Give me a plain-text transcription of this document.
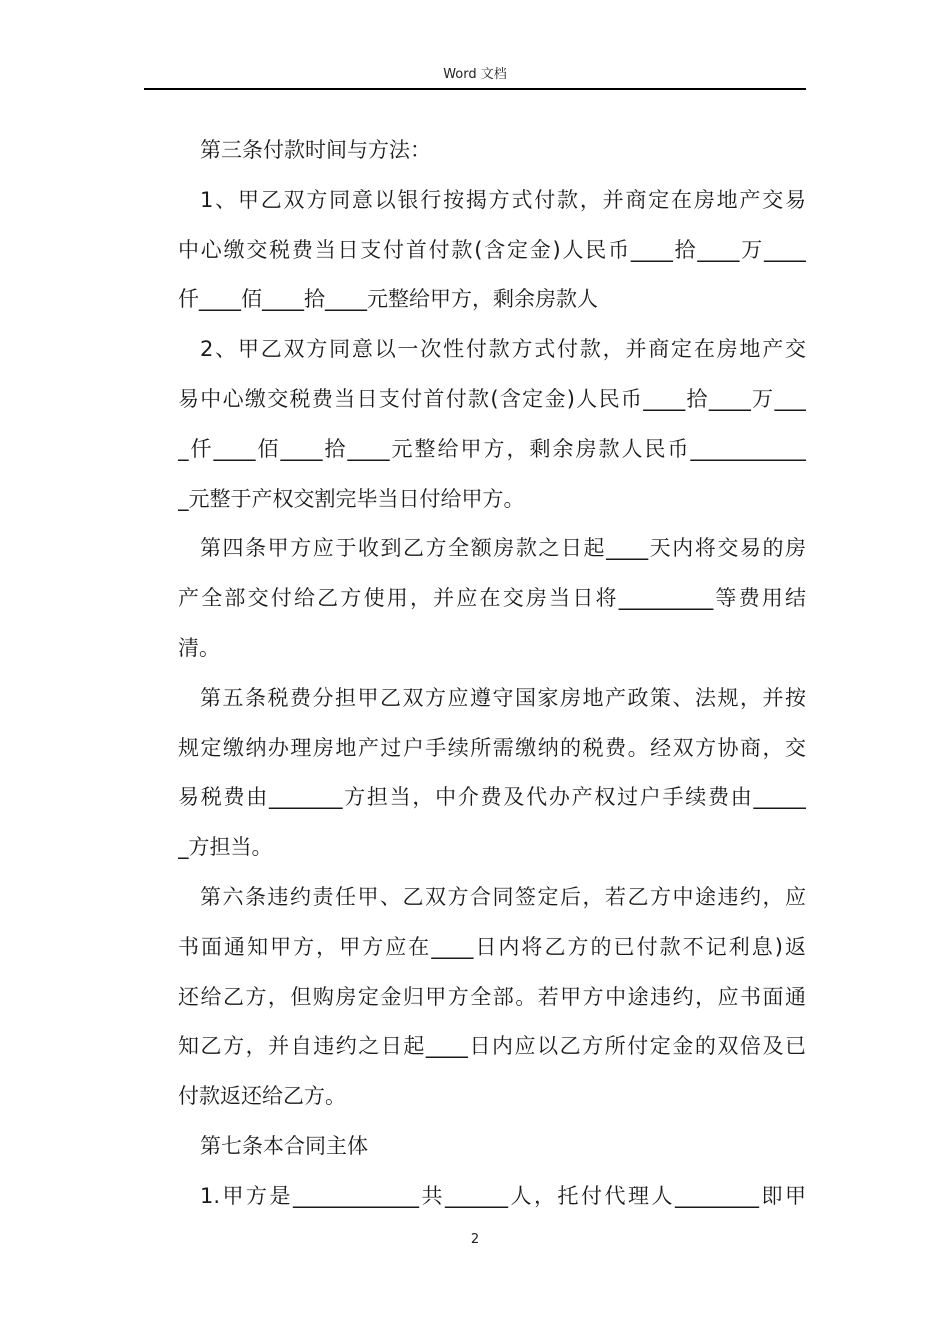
Word 文档
第三条付款时间与方法：
1、甲乙双方同意以银行按揭方式付款，并商定在房地产交易
中心缴交税费当日支付首付款(含定金)人民币____拾____万____
仟____佰____拾____元整给甲方，剩余房款人
2、甲乙双方同意以一次性付款方式付款，并商定在房地产交
易中心缴交税费当日支付首付款(含定金)人民币____拾____万___
_仟____佰____拾____元整给甲方，剩余房款人民币___________
_元整于产权交割完毕当日付给甲方。
第四条甲方应于收到乙方全额房款之日起____天内将交易的房
产全部交付给乙方使用，并应在交房当日将_________等费用结
清。
第五条税费分担甲乙双方应遵守国家房地产政策、法规，并按
规定缴纳办理房地产过户手续所需缴纳的税费。经双方协商，交
易税费由_______方担当，中介费及代办产权过户手续费由_____
_方担当。
第六条违约责任甲、乙双方合同签定后，若乙方中途违约，应
书面通知甲方，甲方应在____日内将乙方的已付款不记利息)返
还给乙方，但购房定金归甲方全部。若甲方中途违约，应书面通
知乙方，并自违约之日起____日内应以乙方所付定金的双倍及已
付款返还给乙方。
第七条本合同主体
1.甲方是____________共______人，托付代理人________即甲
2
